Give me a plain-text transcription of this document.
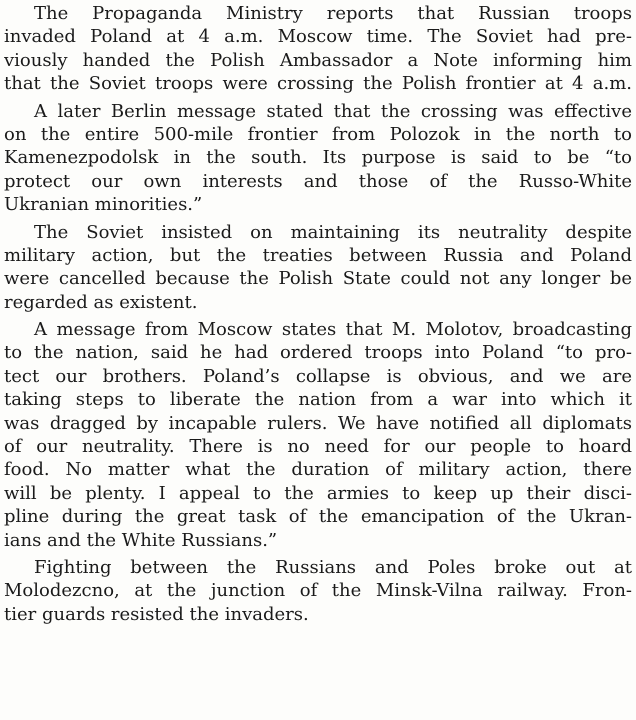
The Propaganda Ministry reports that Russian troops
invaded Poland at 4 a.m. Moscow time. The Soviet had pre-
viously handed the Polish Ambassador a Note informing him
that the Soviet troops were crossing the Polish frontier at 4 a.m.
A later Berlin message stated that the crossing was effective
on the entire 500-mile frontier from Polozok in the north to
Kamenezpodolsk in the south. Its purpose is said to be “to
protect our own interests and those of the Russo-White
Ukranian minorities.”
The Soviet insisted on maintaining its neutrality despite
military action, but the treaties between Russia and Poland
were cancelled because the Polish State could not any longer be
regarded as existent.
A message from Moscow states that M. Molotov, broadcasting
to the nation, said he had ordered troops into Poland “to pro-
tect our brothers. Poland’s collapse is obvious, and we are
taking steps to liberate the nation from a war into which it
was dragged by incapable rulers. We have notified all diplomats
of our neutrality. There is no need for our people to hoard
food. No matter what the duration of military action, there
will be plenty. I appeal to the armies to keep up their disci-
pline during the great task of the emancipation of the Ukran-
ians and the White Russians.”
Fighting between the Russians and Poles broke out at
Molodezcno, at the junction of the Minsk-Vilna railway. Fron-
tier guards resisted the invaders.
